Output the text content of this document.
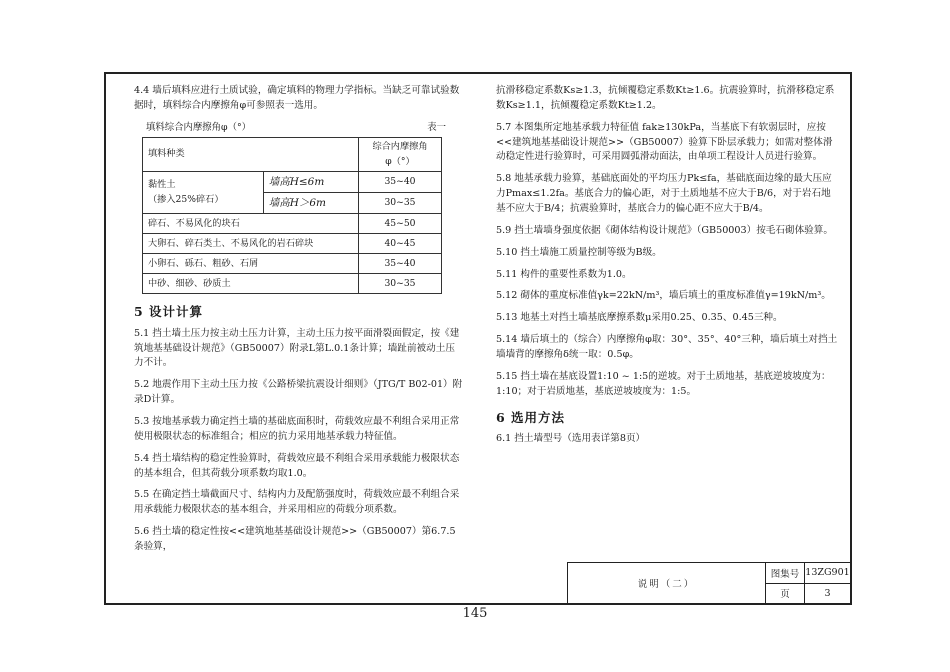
4.4 墙后填料应进行土质试验，确定填料的物理力学指标。当缺乏可靠试验数据时，填料综合内摩擦角φ可参照表一选用。

填料综合内摩擦角φ（°）	表一
填料种类		综合内摩擦角
φ（°）

黏性土
（掺入25%碎石）	墙高H≤6m	35~40
	墙高H＞6m	30~35
碎石、不易风化的块石		45~50
大卵石、碎石类土、不易风化的岩石碎块		40~45
小卵石、砾石、粗砂、石屑		35~40
中砂、细砂、砂质土		30~35
5 设计计算

5.1 挡土墙土压力按主动土压力计算，主动土压力按平面滑裂面假定，按《建筑地基基础设计规范》（GB50007）附录L第L.0.1条计算；墙趾前被动土压力不计。

5.2 地震作用下主动土压力按《公路桥梁抗震设计细则》（JTG/T B02-01）附录D计算。

5.3 按地基承载力确定挡土墙的基础底面积时，荷载效应最不利组合采用正常使用极限状态的标准组合；相应的抗力采用地基承载力特征值。

5.4 挡土墙结构的稳定性验算时，荷载效应最不利组合采用承载能力极限状态的基本组合，但其荷载分项系数均取1.0。

5.5 在确定挡土墙截面尺寸、结构内力及配筋强度时，荷载效应最不利组合采用承载能力极限状态的基本组合，并采用相应的荷载分项系数。

5.6 挡土墙的稳定性按<<建筑地基基础设计规范>>（GB50007）第6.7.5条验算，

抗滑移稳定系数Ks≥1.3，抗倾覆稳定系数Kt≥1.6。抗震验算时，抗滑移稳定系数Ks≥1.1，抗倾覆稳定系数Kt≥1.2。

5.7 本图集所定地基承载力特征值 fak≥130kPa，当基底下有软弱层时，应按<<建筑地基基础设计规范>>（GB50007）验算下卧层承载力；如需对整体滑动稳定性进行验算时，可采用圆弧滑动面法，由单项工程设计人员进行验算。

5.8 地基承载力验算，基础底面处的平均压力Pk≤fa，基础底面边缘的最大压应力Pmax≤1.2fa。基底合力的偏心距，对于土质地基不应大于B/6，对于岩石地基不应大于B/4；抗震验算时，基底合力的偏心距不应大于B/4。

5.9 挡土墙墙身强度依据《砌体结构设计规范》（GB50003）按毛石砌体验算。

5.10 挡土墙施工质量控制等级为B级。

5.11 构件的重要性系数为1.0。

5.12 砌体的重度标准值γk=22kN/m³，墙后填土的重度标准值γ=19kN/m³。

5.13 地基土对挡土墙基底摩擦系数μ采用0.25、0.35、0.45三种。

5.14 墙后填土的（综合）内摩擦角φ取：30°、35°、40°三种，墙后填土对挡土墙墙背的摩擦角δ统一取：0.5φ。

5.15 挡土墙在基底设置1:10 ~ 1:5的逆坡。对于土质地基，基底逆坡坡度为：1:10；对于岩质地基，基底逆坡坡度为：1:5。

6 选用方法

6.1 挡土墙型号（选用表详第8页）

说明（二）
图集号 13ZG901
页	3
145
